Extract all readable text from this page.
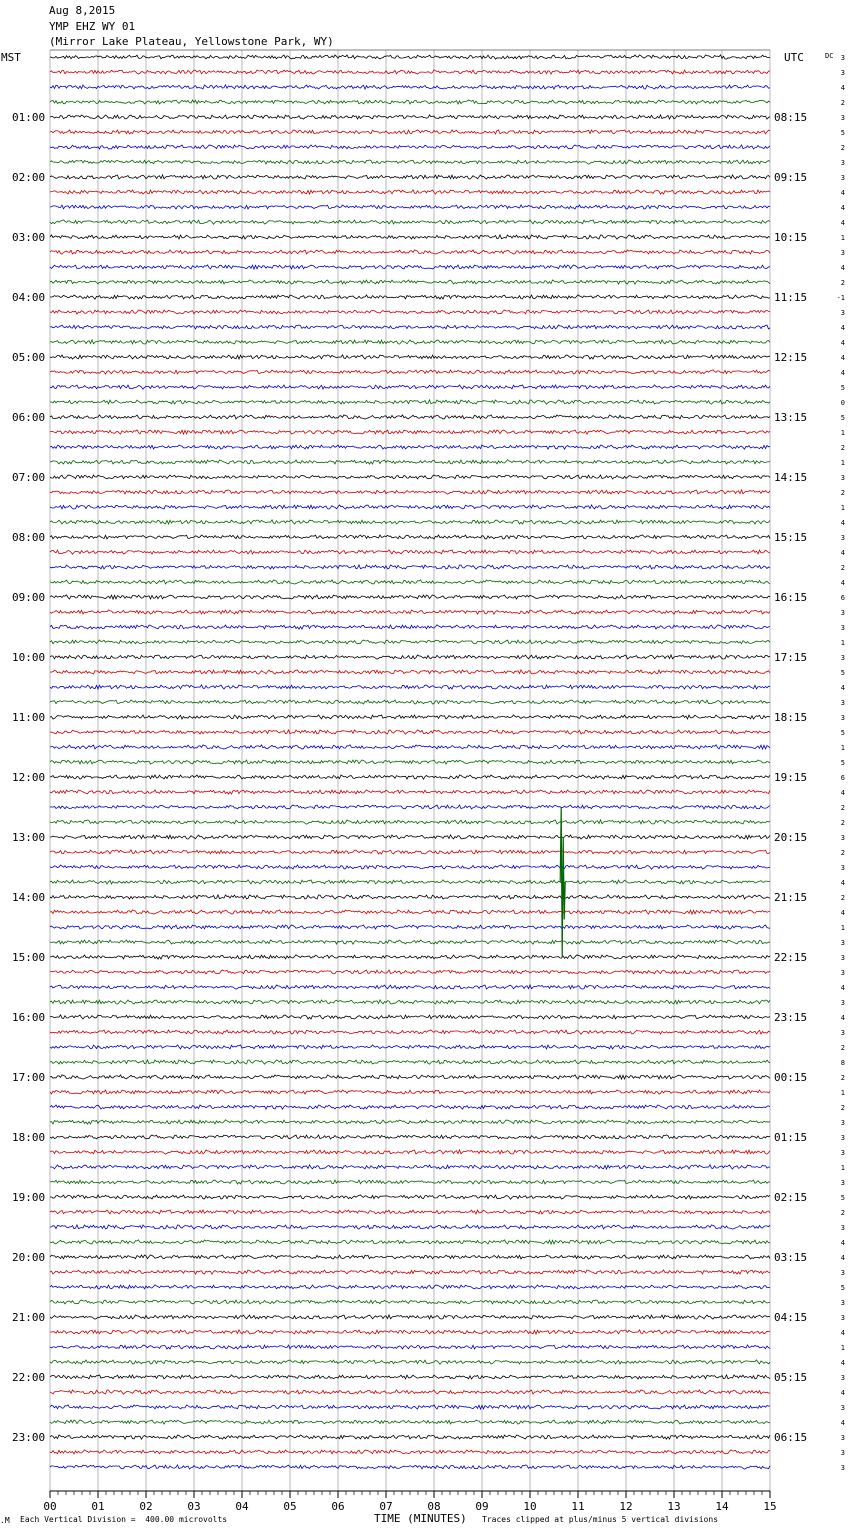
Aug 8,2015
YMP EHZ WY 01
(Mirror Lake Plateau, Yellowstone Park, WY)
MST	UTC	DC
01:00
02:00
03:00
04:00
05:00
06:00
07:00
08:00
09:00
10:00
11:00
12:00
13:00
14:00
15:00
16:00
17:00
18:00
19:00
20:00
21:00
22:00
23:00
08:15
09:15
10:15
11:15
12:15
13:15
14:15
15:15
16:15
17:15
18:15
19:15
20:15
21:15
22:15
23:15
00:15
01:15
02:15
03:15
04:15
05:15
06:15
3
3
4
2
3
5
2
3
3
4
4
4
1
3
4
2
-1
3
4
4
4
4
5
0
5
1
2
1
3
2
1
4
3
4
2
4
6
3
3
1
3
5
4
3
3
5
1
5
6
4
2
2
3
2
3
4
2
4
1
3
3
3
4
3
4
3
2
8
2
1
2
3
3
3
1
3
5
2
3
4
4
3
5
3
3
4
1
4
3
4
3
4
3
3
3
00	01	02	03	04	05	06	07	08	09	10	11	12	13	14	15
.M Each Vertical Division =  400.00 microvolts	TIME (MINUTES) Traces clipped at plus/minus 5 vertical divisions
